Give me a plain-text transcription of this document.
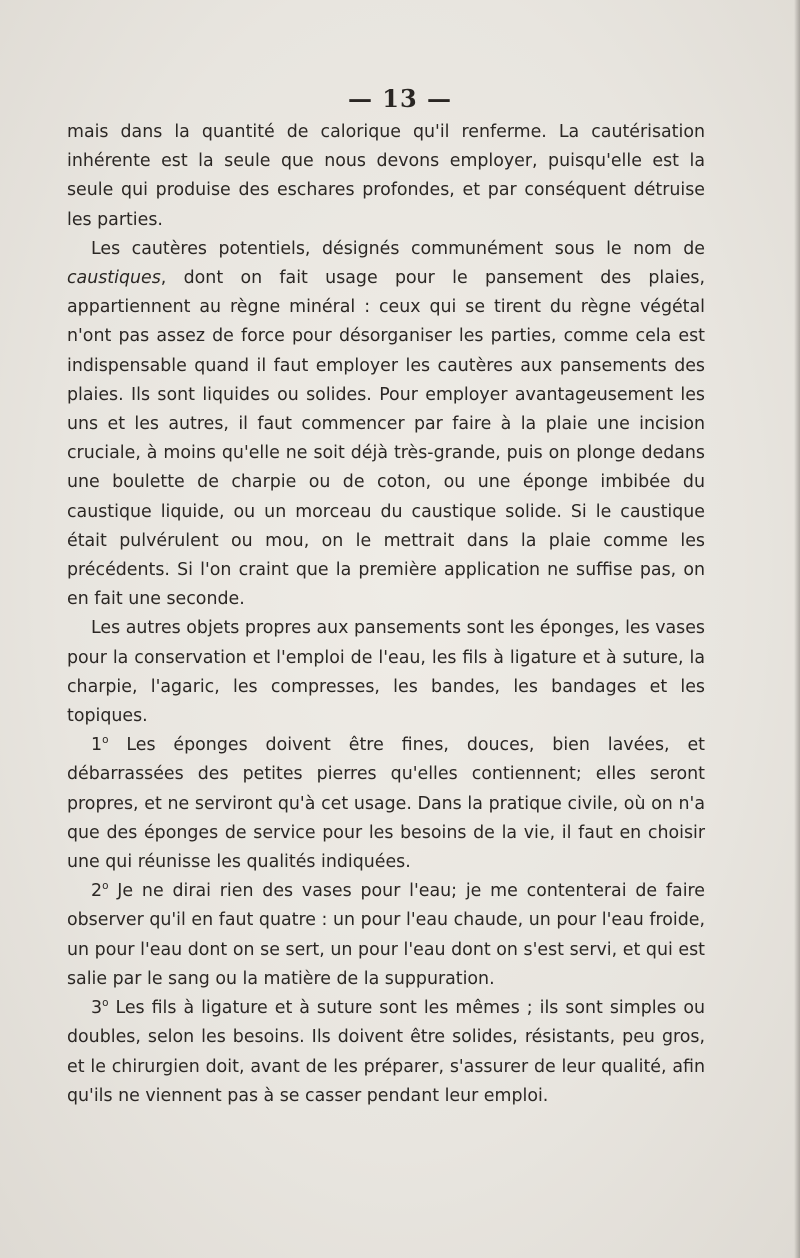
— 13 —

mais dans la quantité de calorique qu'il renferme. La cautérisation inhérente est la seule que nous devons employer, puisqu'elle est la seule qui produise des eschares profondes, et par conséquent détruise les parties.

Les cautères potentiels, désignés communément sous le nom de caustiques, dont on fait usage pour le pansement des plaies, appartiennent au règne minéral : ceux qui se tirent du règne végétal n'ont pas assez de force pour désorganiser les parties, comme cela est indispensable quand il faut employer les cautères aux pansements des plaies. Ils sont liquides ou solides. Pour employer avantageusement les uns et les autres, il faut commencer par faire à la plaie une incision cruciale, à moins qu'elle ne soit déjà très-grande, puis on plonge dedans une boulette de charpie ou de coton, ou une éponge imbibée du caustique liquide, ou un morceau du caustique solide. Si le caustique était pulvérulent ou mou, on le mettrait dans la plaie comme les précédents. Si l'on craint que la première application ne suffise pas, on en fait une seconde.

Les autres objets propres aux pansements sont les éponges, les vases pour la conservation et l'emploi de l'eau, les fils à ligature et à suture, la charpie, l'agaric, les compresses, les bandes, les bandages et les topiques.

1$^o$ Les éponges doivent être fines, douces, bien lavées, et débarrassées des petites pierres qu'elles contiennent; elles seront propres, et ne serviront qu'à cet usage. Dans la pratique civile, où on n'a que des éponges de service pour les besoins de la vie, il faut en choisir une qui réunisse les qualités indiquées.

2$^o$ Je ne dirai rien des vases pour l'eau; je me contenterai de faire observer qu'il en faut quatre : un pour l'eau chaude, un pour l'eau froide, un pour l'eau dont on se sert, un pour l'eau dont on s'est servi, et qui est salie par le sang ou la matière de la suppuration.

3$^o$ Les fils à ligature et à suture sont les mêmes ; ils sont simples ou doubles, selon les besoins. Ils doivent être solides, résistants, peu gros, et le chirurgien doit, avant de les préparer, s'assurer de leur qualité, afin qu'ils ne viennent pas à se casser pendant leur emploi.
